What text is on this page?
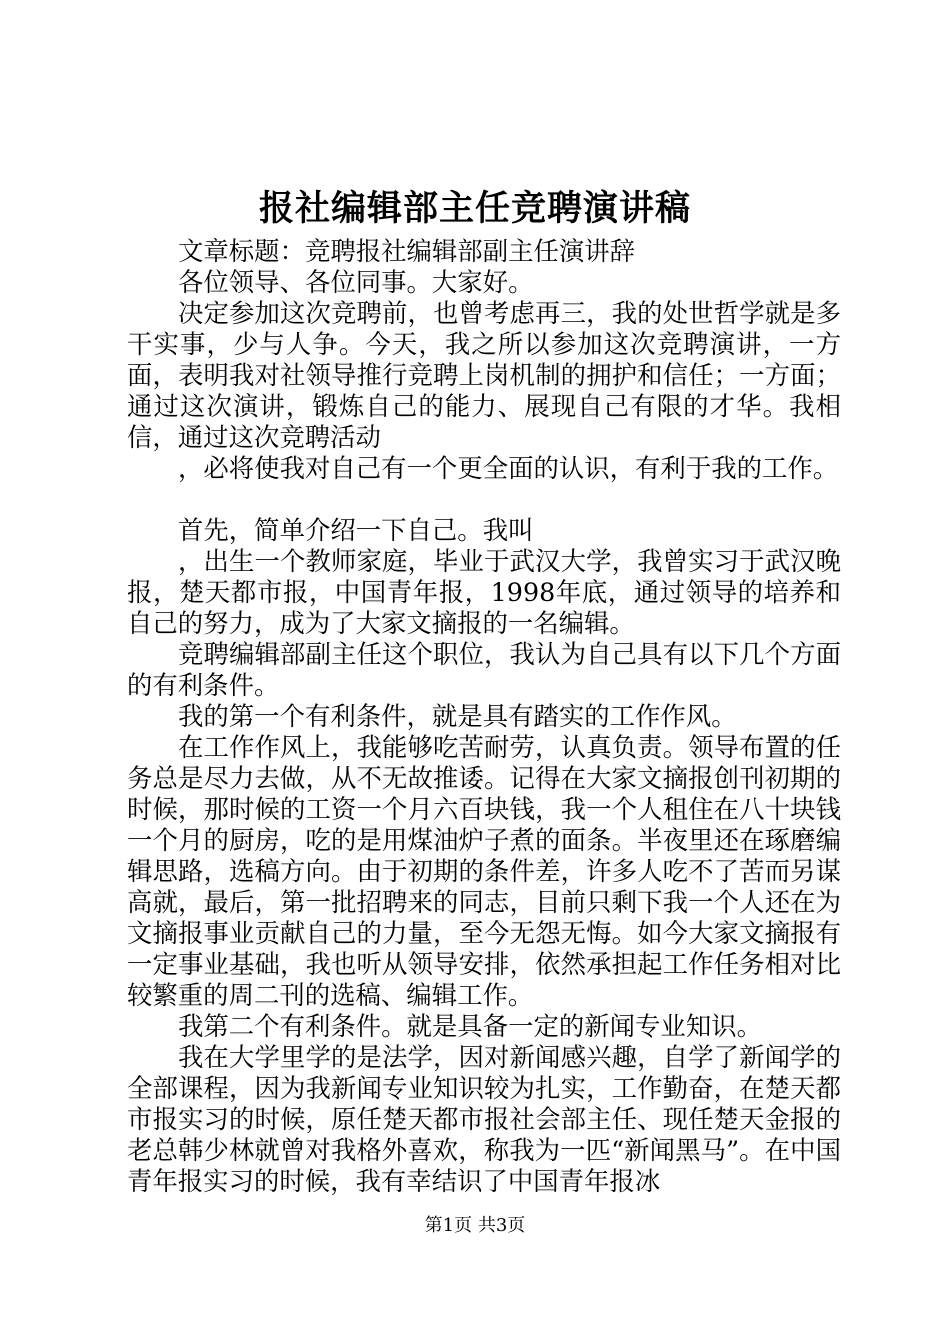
报社编辑部主任竞聘演讲稿

文章标题：竞聘报社编辑部副主任演讲辞

各位领导、各位同事。大家好。

决定参加这次竞聘前，也曾考虑再三，我的处世哲学就是多干实事，少与人争。今天，我之所以参加这次竞聘演讲，一方面，表明我对社领导推行竞聘上岗机制的拥护和信任；一方面；通过这次演讲，锻炼自己的能力、展现自己有限的才华。我相信，通过这次竞聘活动

，必将使我对自己有一个更全面的认识，有利于我的工作。

首先，简单介绍一下自己。我叫

，出生一个教师家庭，毕业于武汉大学，我曾实习于武汉晚报，楚天都市报，中国青年报，1998年底，通过领导的培养和自己的努力，成为了大家文摘报的一名编辑。

竞聘编辑部副主任这个职位，我认为自己具有以下几个方面的有利条件。

我的第一个有利条件，就是具有踏实的工作作风。

在工作作风上，我能够吃苦耐劳，认真负责。领导布置的任务总是尽力去做，从不无故推诿。记得在大家文摘报创刊初期的时候，那时候的工资一个月六百块钱，我一个人租住在八十块钱一个月的厨房，吃的是用煤油炉子煮的面条。半夜里还在琢磨编辑思路，选稿方向。由于初期的条件差，许多人吃不了苦而另谋高就，最后，第一批招聘来的同志，目前只剩下我一个人还在为文摘报事业贡献自己的力量，至今无怨无悔。如今大家文摘报有一定事业基础，我也听从领导安排，依然承担起工作任务相对比较繁重的周二刊的选稿、编辑工作。

我第二个有利条件。就是具备一定的新闻专业知识。

我在大学里学的是法学，因对新闻感兴趣，自学了新闻学的全部课程，因为我新闻专业知识较为扎实，工作勤奋，在楚天都市报实习的时候，原任楚天都市报社会部主任、现任楚天金报的老总韩少林就曾对我格外喜欢，称我为一匹“新闻黑马”。在中国青年报实习的时候，我有幸结识了中国青年报冰

第1页 共3页
